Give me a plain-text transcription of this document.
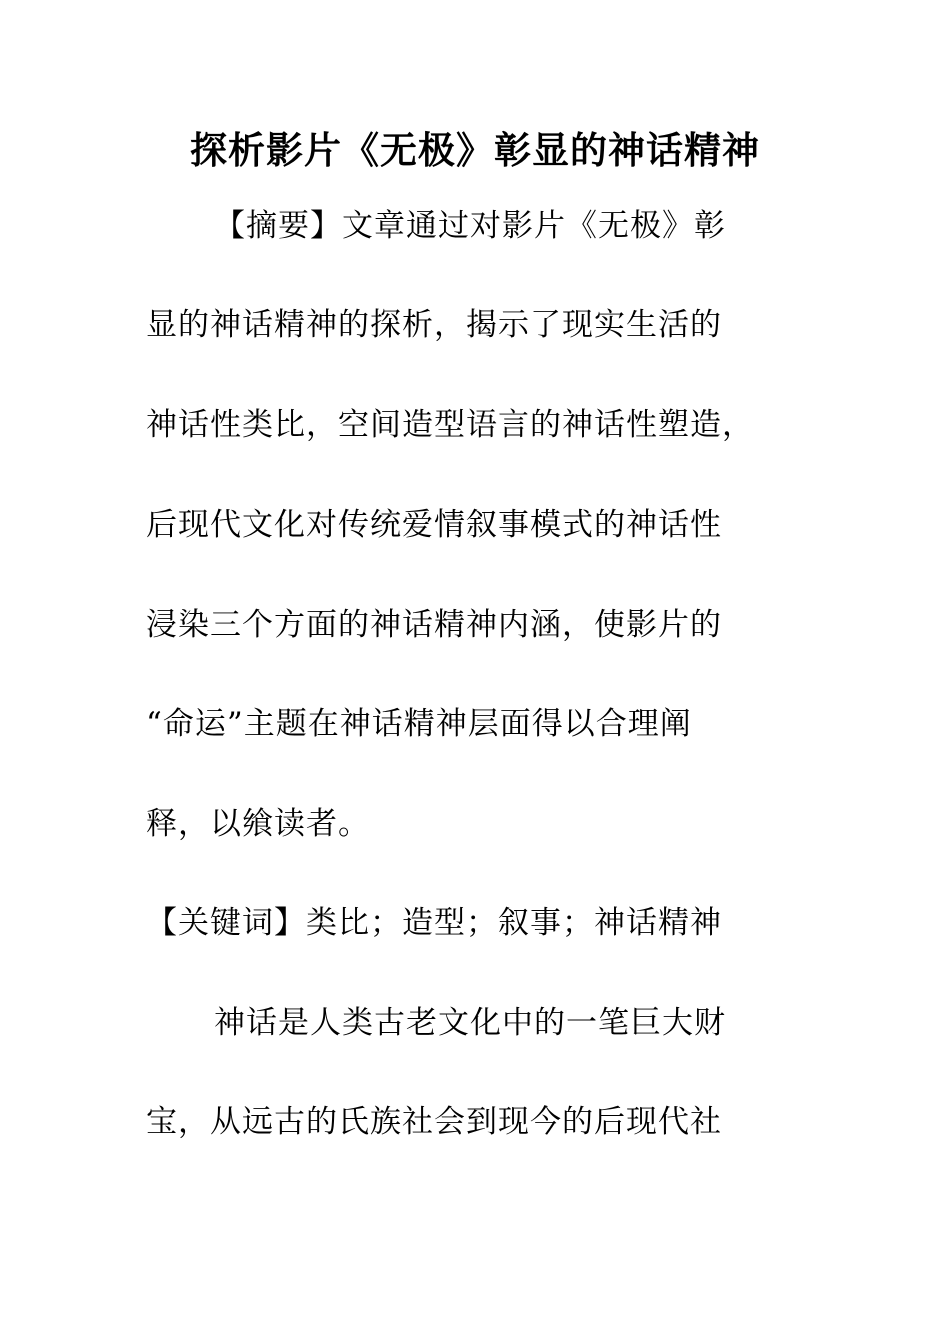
探析影片《无极》彰显的神话精神
【摘要】文章通过对影片《无极》彰
显的神话精神的探析，揭示了现实生活的
神话性类比，空间造型语言的神话性塑造，
后现代文化对传统爱情叙事模式的神话性
浸染三个方面的神话精神内涵，使影片的
“命运”主题在神话精神层面得以合理阐
释，以飨读者。
【关键词】类比；造型；叙事；神话精神
神话是人类古老文化中的一笔巨大财
宝，从远古的氏族社会到现今的后现代社
